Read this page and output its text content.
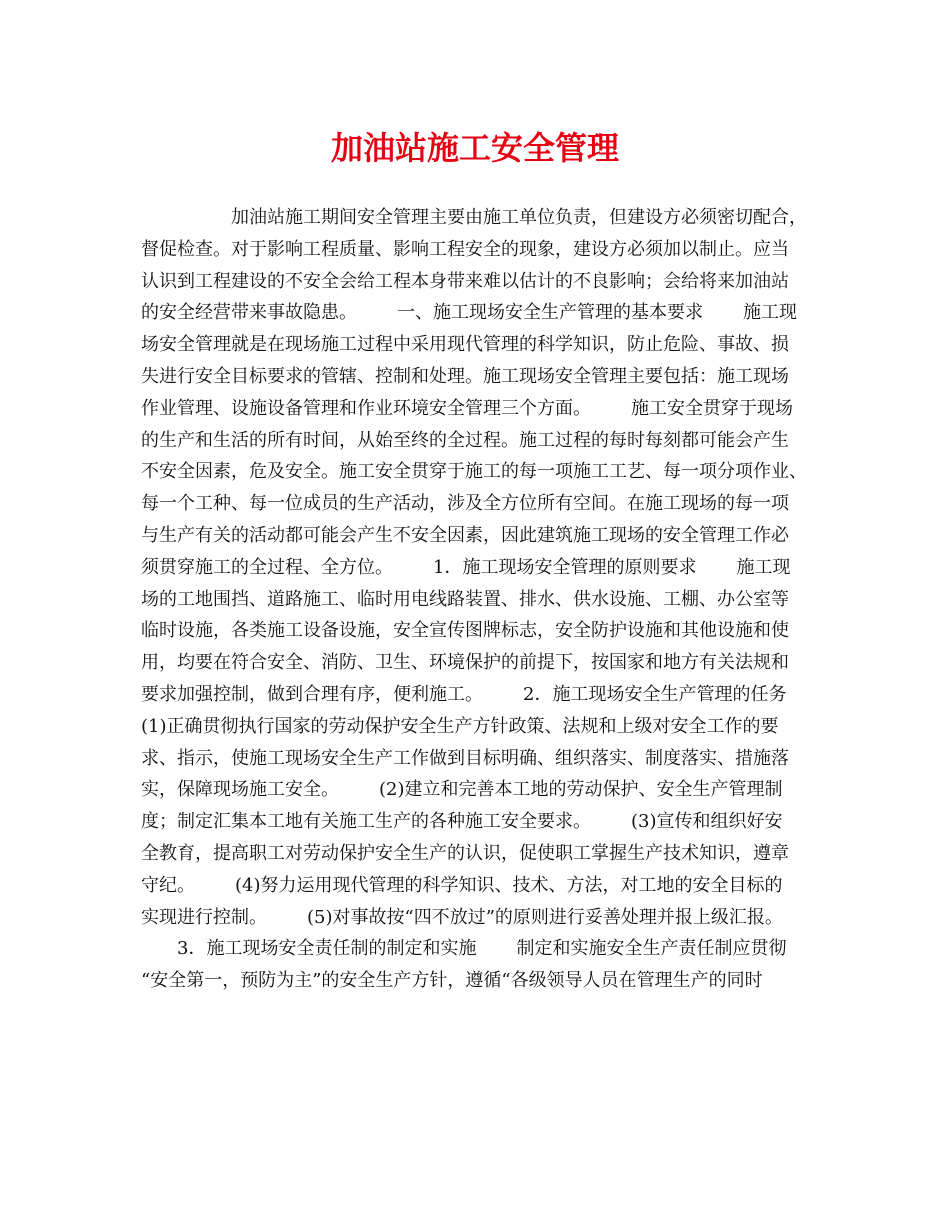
加油站施工安全管理
加油站施工期间安全管理主要由施工单位负责，但建设方必须密切配合，
督促检查。对于影响工程质量、影响工程安全的现象，建设方必须加以制止。应当
认识到工程建设的不安全会给工程本身带来难以估计的不良影响；会给将来加油站
的安全经营带来事故隐患。 一、施工现场安全生产管理的基本要求 施工现
场安全管理就是在现场施工过程中采用现代管理的科学知识，防止危险、事故、损
失进行安全目标要求的管辖、控制和处理。施工现场安全管理主要包括：施工现场
作业管理、设施设备管理和作业环境安全管理三个方面。 施工安全贯穿于现场
的生产和生活的所有时间，从始至终的全过程。施工过程的每时每刻都可能会产生
不安全因素，危及安全。施工安全贯穿于施工的每一项施工工艺、每一项分项作业、
每一个工种、每一位成员的生产活动，涉及全方位所有空间。在施工现场的每一项
与生产有关的活动都可能会产生不安全因素，因此建筑施工现场的安全管理工作必
须贯穿施工的全过程、全方位。 1．施工现场安全管理的原则要求 施工现
场的工地围挡、道路施工、临时用电线路装置、排水、供水设施、工棚、办公室等
临时设施，各类施工设备设施，安全宣传图牌标志，安全防护设施和其他设施和使
用，均要在符合安全、消防、卫生、环境保护的前提下，按国家和地方有关法规和
要求加强控制，做到合理有序，便利施工。 2．施工现场安全生产管理的任务
(1)正确贯彻执行国家的劳动保护安全生产方针政策、法规和上级对安全工作的要
求、指示，使施工现场安全生产工作做到目标明确、组织落实、制度落实、措施落
实，保障现场施工安全。 (2)建立和完善本工地的劳动保护、安全生产管理制
度；制定汇集本工地有关施工生产的各种施工安全要求。 (3)宣传和组织好安
全教育，提高职工对劳动保护安全生产的认识，促使职工掌握生产技术知识，遵章
守纪。 (4)努力运用现代管理的科学知识、技术、方法，对工地的安全目标的
实现进行控制。 (5)对事故按“四不放过”的原则进行妥善处理并报上级汇报。
3．施工现场安全责任制的制定和实施 制定和实施安全生产责任制应贯彻
“安全第一，预防为主”的安全生产方针，遵循“各级领导人员在管理生产的同时
